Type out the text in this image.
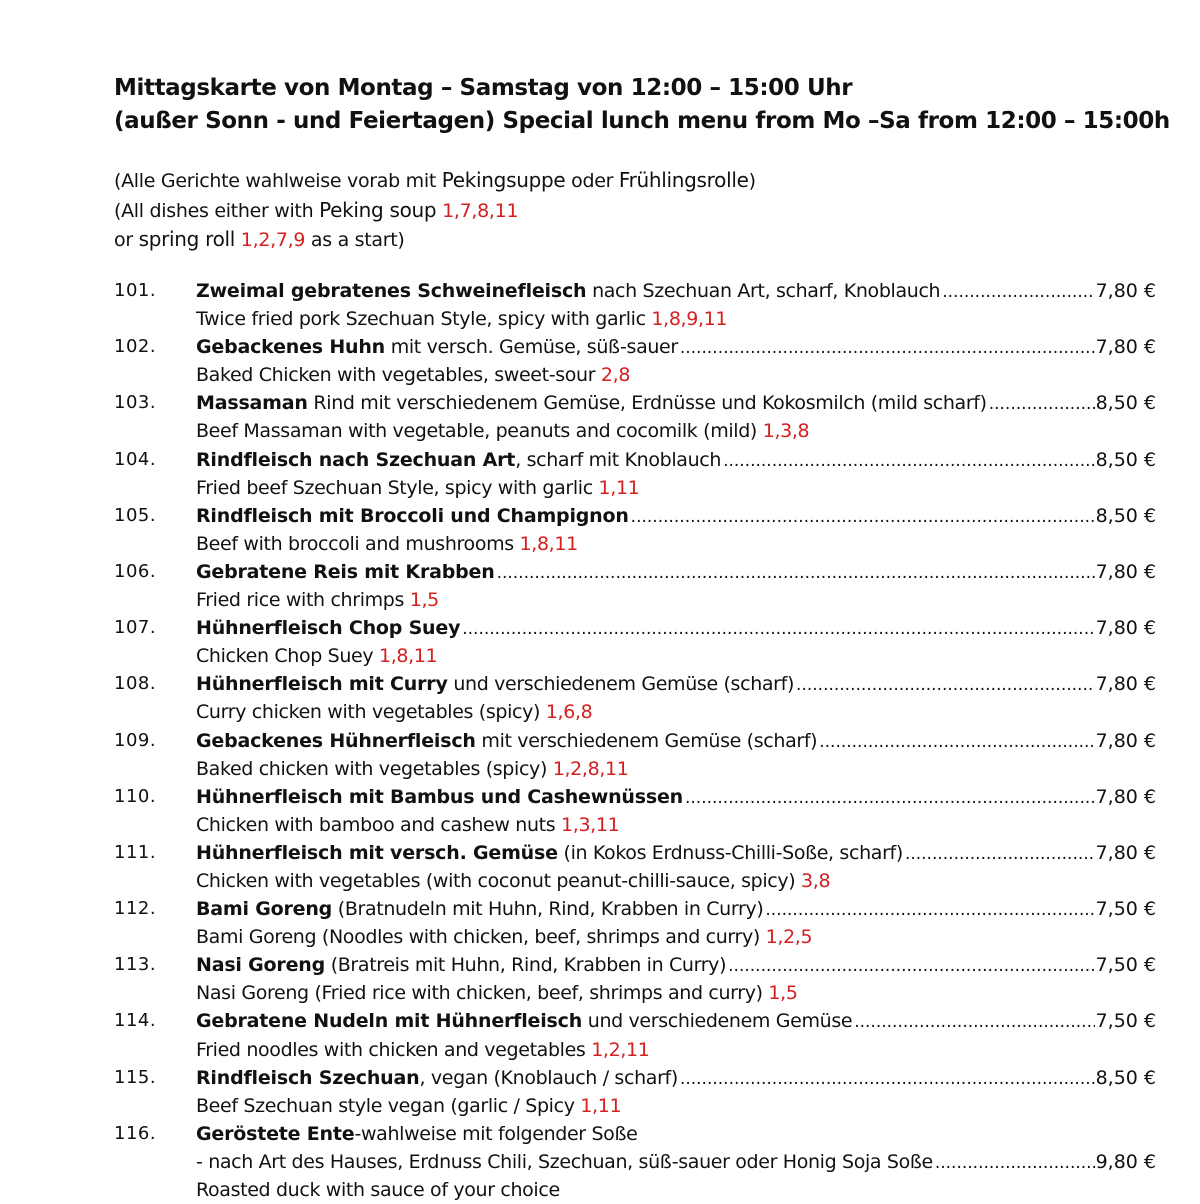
Mittagskarte von Montag – Samstag von 12:00 – 15:00 Uhr
(außer Sonn - und Feiertagen) Special lunch menu from Mo –Sa from 12:00 – 15:00h
(Alle Gerichte wahlweise vorab mit Pekingsuppe oder Frühlingsrolle)
(All dishes either with Peking soup 1,7,8,11
or spring roll 1,2,7,9 as a start)
101. Zweimal gebratenes Schweinefleisch nach Szechuan Art, scharf, Knoblauch .....	7,80 €
Twice fried pork Szechuan Style, spicy with garlic 1,8,9,11
102. Gebackenes Huhn mit versch. Gemüse, süß-sauer .....	7,80 €
Baked Chicken with vegetables, sweet-sour 2,8
103. Massaman Rind mit verschiedenem Gemüse, Erdnüsse und Kokosmilch (mild scharf) .....	8,50 €
Beef Massaman with vegetable, peanuts and cocomilk (mild) 1,3,8
104. Rindfleisch nach Szechuan Art, scharf mit Knoblauch .....	8,50 €
Fried beef Szechuan Style, spicy with garlic 1,11
105. Rindfleisch mit Broccoli und Champignon .....	8,50 €
Beef with broccoli and mushrooms 1,8,11
106. Gebratene Reis mit Krabben .....	7,80 €
Fried rice with chrimps 1,5
107. Hühnerfleisch Chop Suey .....	7,80 €
Chicken Chop Suey 1,8,11
108. Hühnerfleisch mit Curry und verschiedenem Gemüse (scharf) .....	7,80 €
Curry chicken with vegetables (spicy) 1,6,8
109. Gebackenes Hühnerfleisch mit verschiedenem Gemüse (scharf) .....	7,80 €
Baked chicken with vegetables (spicy) 1,2,8,11
110. Hühnerfleisch mit Bambus und Cashewnüssen .....	7,80 €
Chicken with bamboo and cashew nuts 1,3,11
111. Hühnerfleisch mit versch. Gemüse (in Kokos Erdnuss-Chilli-Soße, scharf) .....	7,80 €
Chicken with vegetables (with coconut peanut-chilli-sauce, spicy) 3,8
112. Bami Goreng (Bratnudeln mit Huhn, Rind, Krabben in Curry) .....	7,50 €
Bami Goreng (Noodles with chicken, beef, shrimps and curry) 1,2,5
113. Nasi Goreng (Bratreis mit Huhn, Rind, Krabben in Curry) .....	7,50 €
Nasi Goreng (Fried rice with chicken, beef, shrimps and curry) 1,5
114. Gebratene Nudeln mit Hühnerfleisch und verschiedenem Gemüse .....	7,50 €
Fried noodles with chicken and vegetables 1,2,11
115. Rindfleisch Szechuan, vegan (Knoblauch / scharf) .....	8,50 €
Beef Szechuan style vegan (garlic / Spicy 1,11
116. Geröstete Ente-wahlweise mit folgender Soße
- nach Art des Hauses, Erdnuss Chili, Szechuan, süß-sauer oder Honig Soja Soße .....	9,80 €
Roasted duck with sauce of your choice
